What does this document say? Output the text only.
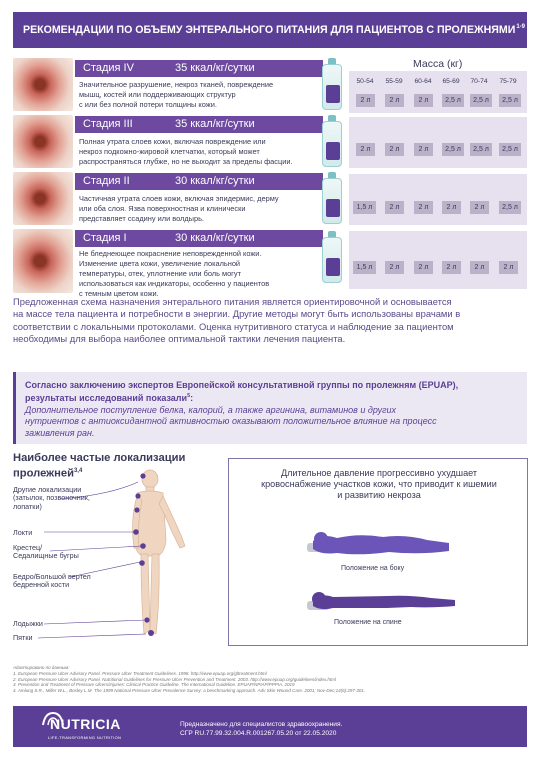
РЕКОМЕНДАЦИИ ПО ОБЪЕМУ ЭНТЕРАЛЬНОГО ПИТАНИЯ ДЛЯ ПАЦИЕНТОВ С ПРОЛЕЖНЯМИ$^{1-9}$
Масса (кг)
Стадия IV	35 ккал/кг/сутки
Значительное разрушение, некроз тканей, повреждение
мышц, костей или поддерживающих структур
с или без полной потери толщины кожи.
Стадия III	35 ккал/кг/сутки
Полная утрата слоев кожи, включая повреждение или
некроз подкожно-жировой клетчатки, который может
распространяться глубже, но не выходит за пределы фасции.
Стадия II	30 ккал/кг/сутки
Частичная утрата слоев кожи, включая эпидермис, дерму
или оба слоя. Язва поверхностная и клинически
представляет ссадину или волдырь.
Стадия I	30 ккал/кг/сутки
Не бледнеющее покраснение неповрежденной кожи.
Изменение цвета кожи, увеличение локальной
температуры, отек, уплотнение или боль могут
использоваться как индикаторы, особенно у пациентов
с темным цветом кожи.
50-54	55-59	60-64	65-69	70-74	75-79
2 л	2 л	2 л	2,5 л	2,5 л	2,5 л
2 л	2 л	2 л	2,5 л	2,5 л	2,5 л
1,5 л	2 л	2 л	2 л	2 л	2,5 л
1,5 л	2 л	2 л	2 л	2 л	2 л
Предложенная схема назначения энтерального питания является ориентировочной и основывается
на массе тела пациента и потребности в энергии. Другие методы могут быть использованы врачами в
соответствии с локальными протоколами. Оценка нутритивного статуса и наблюдение за пациентом
необходимы для выбора наиболее оптимальной тактики лечения пациента.
Согласно заключению экспертов Европейской консультативной группы по пролежням (EPUAP),
результаты исследований показали$^5$:
Дополнительное поступление белка, калорий, а также аргинина, витаминов и других
нутриентов с антиоксидантной активностью оказывают положительное влияние на процесс
заживления ран.
Наиболее частые локализации
пролежней$^{3,4}$
Другие локализации
(затылок, позвоночник,
лопатки)
Локти
Крестец/
Седалищные бугры
Бедро/Большой вертел
бедренной кости
Лодыжки
Пятки
Длительное давление прогрессивно ухудшает
кровоснабжение участков кожи, что приводит к ишемии
и развитию некроза
Положение на боку
Положение на спине
Адаптировано по данным:
1. European Pressure Ulcer Advisory Panel. Pressure Ulcer Treatment Guidelines. 1998. http://www.epuap.org/gltreatment.html
2. European Pressure Ulcer Advisory Panel. Nutritional Guidelines for Pressure Ulcer Prevention and Treatment. 2003. http://www.epuap.org/guidelines/index.html
3. Prevention and Treatment of Pressure Ulcers/Injuries: Clinical Practice Guideline. The International Guideline. EPUAP/NPIAP/PPPIA. 2019
4. Amlung S.R., Miller W.L., Bosley L.M. The 1999 National Pressure Ulcer Prevalence Survey: a benchmarking approach. Adv Skin Wound Care. 2001; Nov-Dec;14(6):297-301.
NUTRICIA
LIFE-TRANSFORMING NUTRITION
Предназначено для специалистов здравоохранения.
СГР RU.77.99.32.004.R.001267.05.20 от 22.05.2020
